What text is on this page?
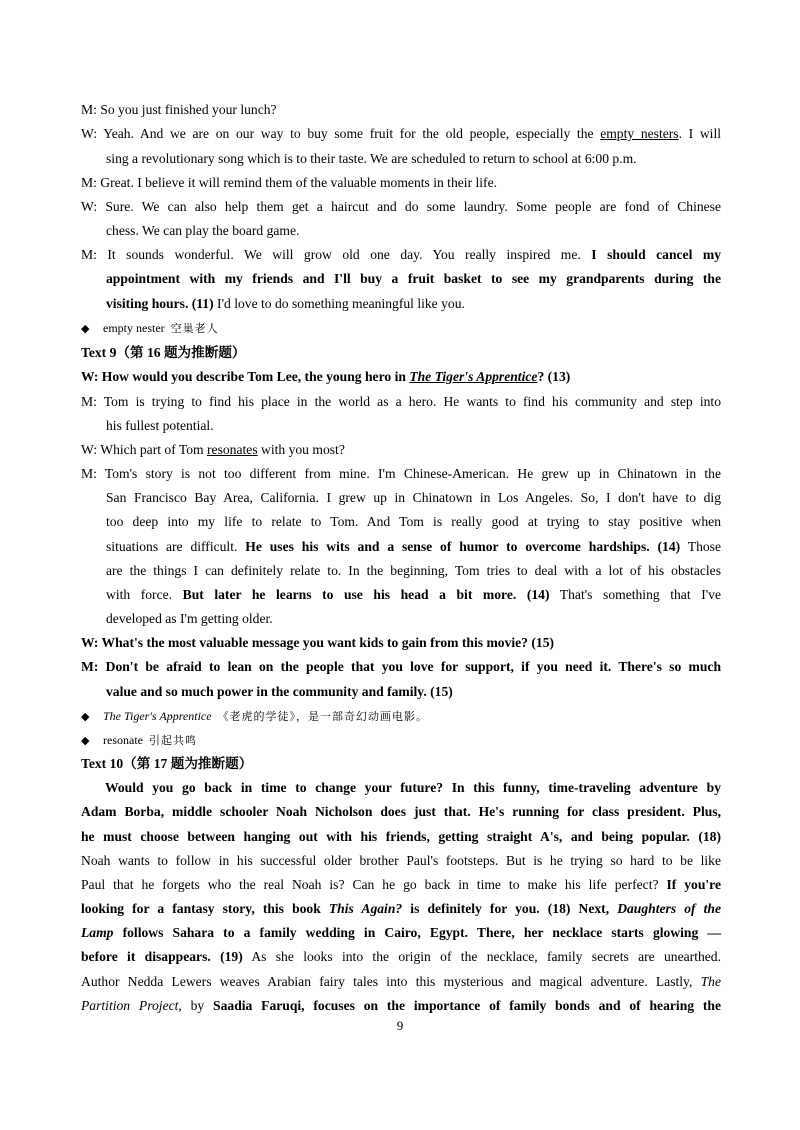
M: So you just finished your lunch?
W: Yeah. And we are on our way to buy some fruit for the old people, especially the empty nesters. I will
sing a revolutionary song which is to their taste. We are scheduled to return to school at 6:00 p.m.
M: Great. I believe it will remind them of the valuable moments in their life.
W: Sure. We can also help them get a haircut and do some laundry. Some people are fond of Chinese
chess. We can play the board game.
M: It sounds wonderful. We will grow old one day. You really inspired me. I should cancel my
appointment with my friends and I'll buy a fruit basket to see my grandparents during the
visiting hours. (11) I'd love to do something meaningful like you.
◆ empty nester 空巢老人
Text 9（第 16 题为推断题）
W: How would you describe Tom Lee, the young hero in The Tiger's Apprentice? (13)
M: Tom is trying to find his place in the world as a hero. He wants to find his community and step into
his fullest potential.
W: Which part of Tom resonates with you most?
M: Tom's story is not too different from mine. I'm Chinese-American. He grew up in Chinatown in the
San Francisco Bay Area, California. I grew up in Chinatown in Los Angeles. So, I don't have to dig
too deep into my life to relate to Tom. And Tom is really good at trying to stay positive when
situations are difficult. He uses his wits and a sense of humor to overcome hardships. (14) Those
are the things I can definitely relate to. In the beginning, Tom tries to deal with a lot of his obstacles
with force. But later he learns to use his head a bit more. (14) That's something that I've
developed as I'm getting older.
W: What's the most valuable message you want kids to gain from this movie? (15)
M: Don't be afraid to lean on the people that you love for support, if you need it. There's so much
value and so much power in the community and family. (15)
◆ The Tiger's Apprentice 《老虎的学徒》，是一部奇幻动画电影。
◆ resonate 引起共鸣
Text 10（第 17 题为推断题）
Would you go back in time to change your future? In this funny, time-traveling adventure by
Adam Borba, middle schooler Noah Nicholson does just that. He's running for class president. Plus,
he must choose between hanging out with his friends, getting straight A's, and being popular. (18)
Noah wants to follow in his successful older brother Paul's footsteps. But is he trying so hard to be like
Paul that he forgets who the real Noah is? Can he go back in time to make his life perfect? If you're
looking for a fantasy story, this book This Again? is definitely for you. (18) Next, Daughters of the
Lamp follows Sahara to a family wedding in Cairo, Egypt. There, her necklace starts glowing —
before it disappears. (19) As she looks into the origin of the necklace, family secrets are unearthed.
Author Nedda Lewers weaves Arabian fairy tales into this mysterious and magical adventure. Lastly, The
Partition Project, by Saadia Faruqi, focuses on the importance of family bonds and of hearing the
9
